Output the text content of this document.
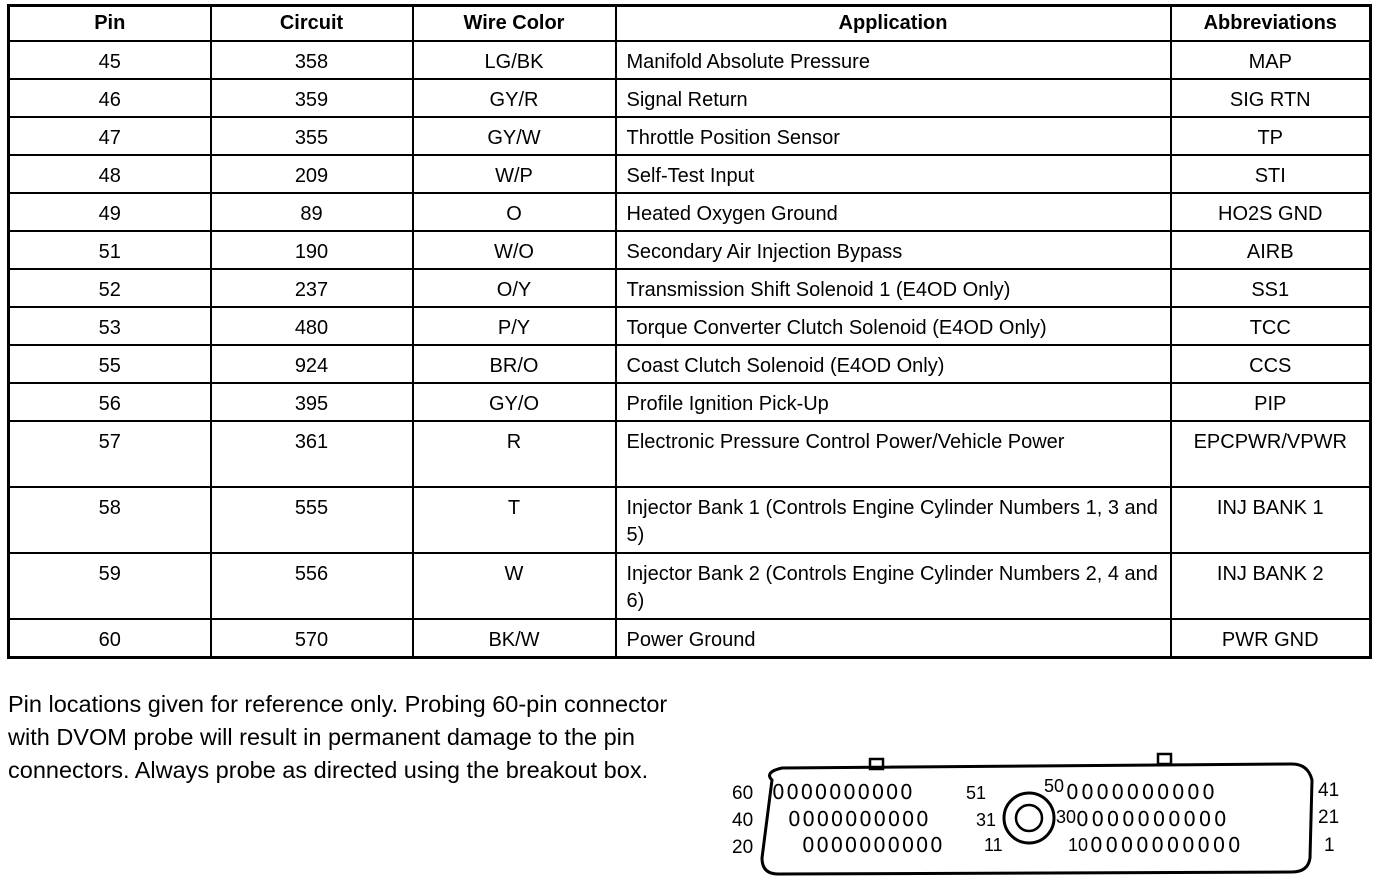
Pin	Circuit	Wire Color	Application	Abbreviations
45	358	LG/BK	Manifold Absolute Pressure	MAP
46	359	GY/R	Signal Return	SIG RTN
47	355	GY/W	Throttle Position Sensor	TP
48	209	W/P	Self-Test Input	STI
49	89	O	Heated Oxygen Ground	HO2S GND
51	190	W/O	Secondary Air Injection Bypass	AIRB
52	237	O/Y	Transmission Shift Solenoid 1 (E4OD Only)	SS1
53	480	P/Y	Torque Converter Clutch Solenoid (E4OD Only)	TCC
55	924	BR/O	Coast Clutch Solenoid (E4OD Only)	CCS
56	395	GY/O	Profile Ignition Pick-Up	PIP
57	361	R	Electronic Pressure Control Power/Vehicle Power	EPCPWR/VPWR
58	555	T	Injector Bank 1 (Controls Engine Cylinder Numbers 1, 3 and 5)	INJ BANK 1
59	556	W	Injector Bank 2 (Controls Engine Cylinder Numbers 2, 4 and 6)	INJ BANK 2
60	570	BK/W	Power Ground	PWR GND
Pin locations given for reference only. Probing 60-pin connector with DVOM probe will result in permanent damage to the pin connectors. Always probe as directed using the breakout box.
60
40
20
41
21
1
51
31
11
50
30
10
0000000000	0000000000
0000000000	0000000000
0000000000	0000000000
